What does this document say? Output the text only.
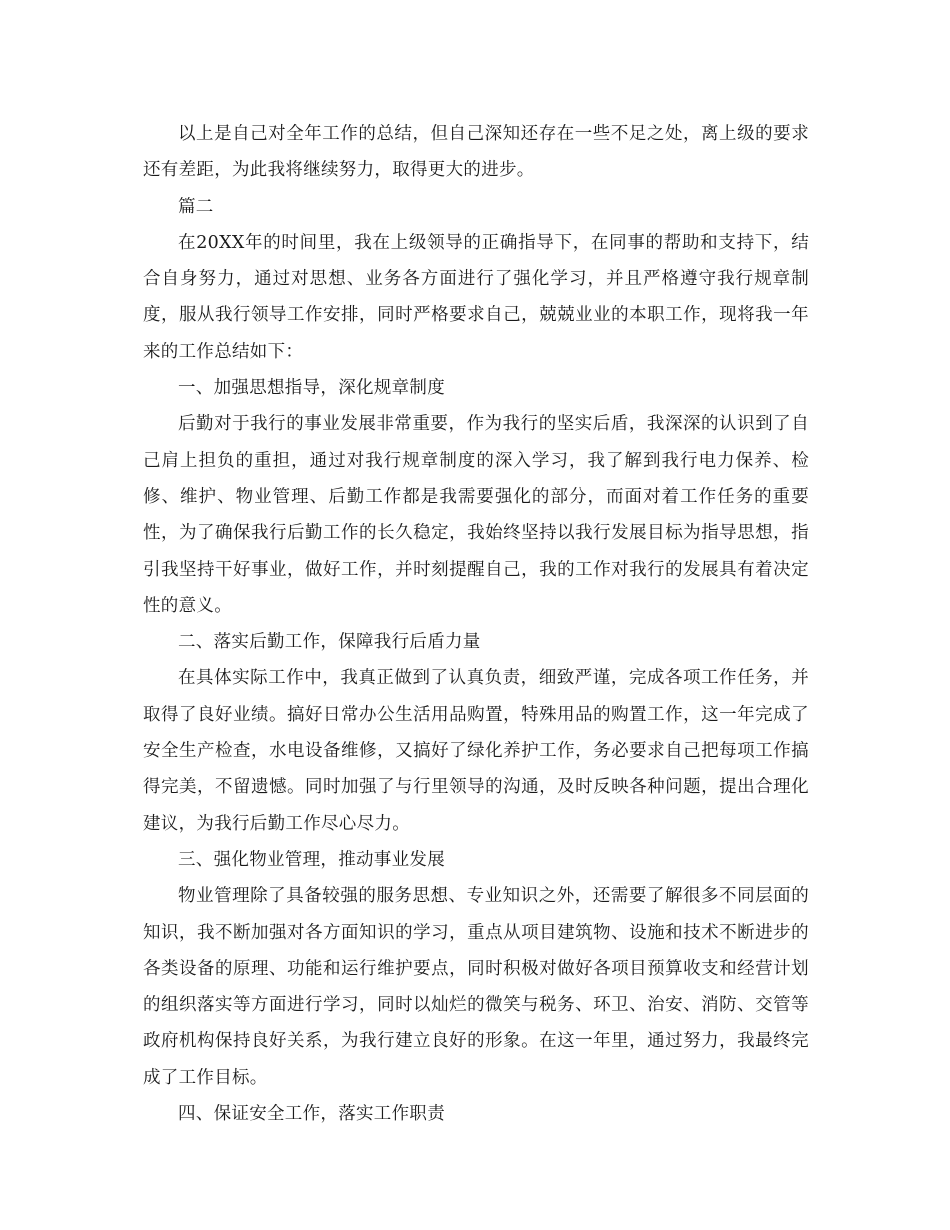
以上是自己对全年工作的总结，但自己深知还存在一些不足之处，离上级的要求还有差距，为此我将继续努力，取得更大的进步。

篇二

在20XX年的时间里，我在上级领导的正确指导下，在同事的帮助和支持下，结合自身努力，通过对思想、业务各方面进行了强化学习，并且严格遵守我行规章制度，服从我行领导工作安排，同时严格要求自己，兢兢业业的本职工作，现将我一年来的工作总结如下：

一、加强思想指导，深化规章制度

后勤对于我行的事业发展非常重要，作为我行的坚实后盾，我深深的认识到了自己肩上担负的重担，通过对我行规章制度的深入学习，我了解到我行电力保养、检修、维护、物业管理、后勤工作都是我需要强化的部分，而面对着工作任务的重要性，为了确保我行后勤工作的长久稳定，我始终坚持以我行发展目标为指导思想，指引我坚持干好事业，做好工作，并时刻提醒自己，我的工作对我行的发展具有着决定性的意义。

二、落实后勤工作，保障我行后盾力量

在具体实际工作中，我真正做到了认真负责，细致严谨，完成各项工作任务，并取得了良好业绩。搞好日常办公生活用品购置，特殊用品的购置工作，这一年完成了安全生产检查，水电设备维修，又搞好了绿化养护工作，务必要求自己把每项工作搞得完美，不留遗憾。同时加强了与行里领导的沟通，及时反映各种问题，提出合理化建议，为我行后勤工作尽心尽力。

三、强化物业管理，推动事业发展

物业管理除了具备较强的服务思想、专业知识之外，还需要了解很多不同层面的知识，我不断加强对各方面知识的学习，重点从项目建筑物、设施和技术不断进步的各类设备的原理、功能和运行维护要点，同时积极对做好各项目预算收支和经营计划的组织落实等方面进行学习，同时以灿烂的微笑与税务、环卫、治安、消防、交管等政府机构保持良好关系，为我行建立良好的形象。在这一年里，通过努力，我最终完成了工作目标。

四、保证安全工作，落实工作职责
